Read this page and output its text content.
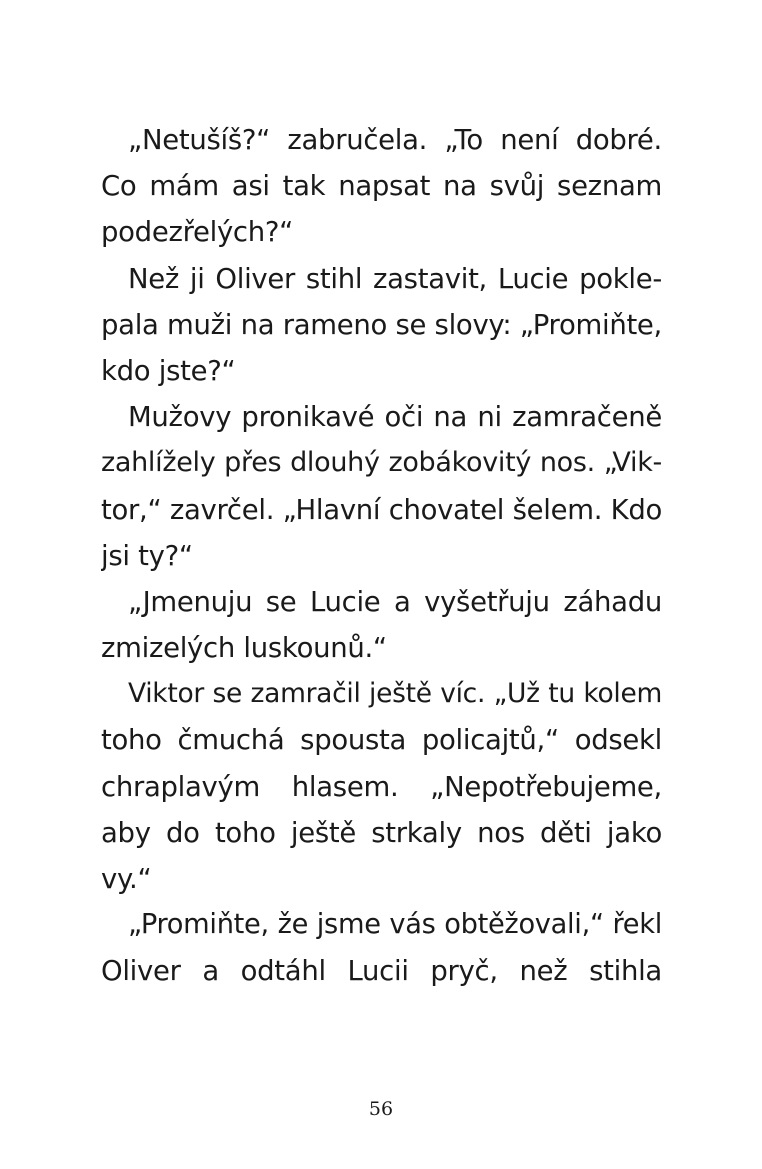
„Netušíš?“ zabručela. „To není dobré.
Co mám asi tak napsat na svůj seznam
podezřelých?“
Než ji Oliver stihl zastavit, Lucie pokle-
pala muži na rameno se slovy: „Promiňte,
kdo jste?“
Mužovy pronikavé oči na ni zamračeně
zahlížely přes dlouhý zobákovitý nos. „Vik-
tor,“ zavrčel. „Hlavní chovatel šelem. Kdo
jsi ty?“
„Jmenuju se Lucie a vyšetřuju záhadu
zmizelých luskounů.“
Viktor se zamračil ještě víc. „Už tu kolem
toho čmuchá spousta policajtů,“ odsekl
chraplavým hlasem. „Nepotřebujeme,
aby do toho ještě strkaly nos děti jako
vy.“
„Promiňte, že jsme vás obtěžovali,“ řekl
Oliver a odtáhl Lucii pryč, než stihla
56
